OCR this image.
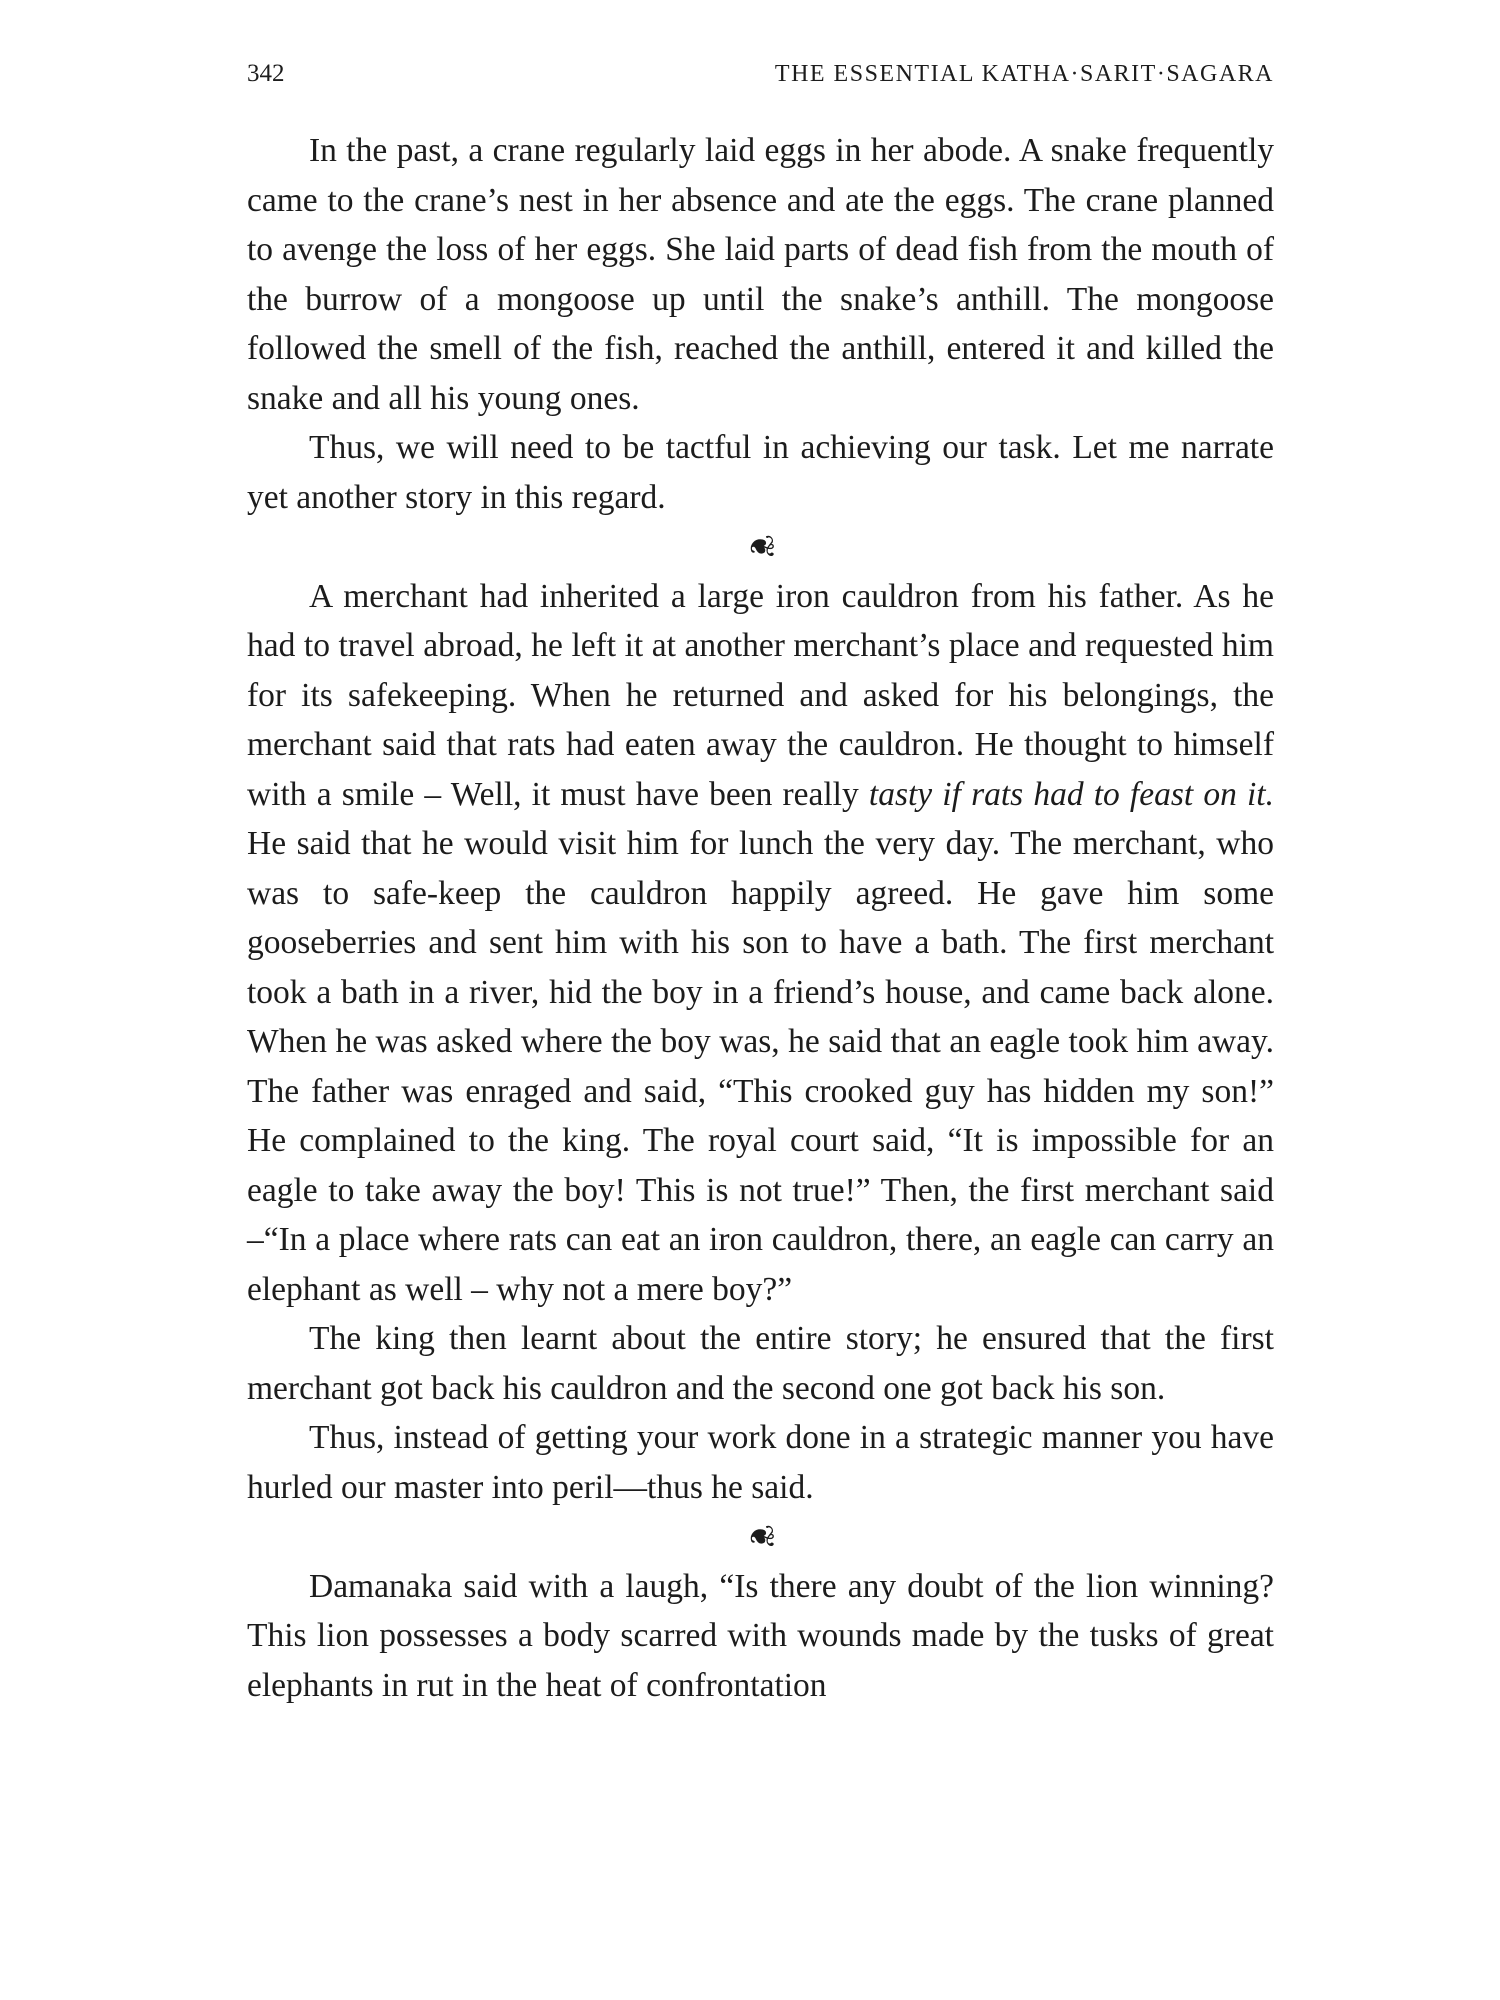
342	THE ESSENTIAL KATHA·SARIT·SAGARA

In the past, a crane regularly laid eggs in her abode. A snake frequently came to the crane’s nest in her absence and ate the eggs. The crane planned to avenge the loss of her eggs. She laid parts of dead fish from the mouth of the burrow of a mongoose up until the snake’s anthill. The mongoose followed the smell of the fish, reached the anthill, entered it and killed the snake and all his young ones.

Thus, we will need to be tactful in achieving our task. Let me narrate yet another story in this regard.

❦

A merchant had inherited a large iron cauldron from his father. As he had to travel abroad, he left it at another merchant’s place and requested him for its safekeeping. When he returned and asked for his belongings, the merchant said that rats had eaten away the cauldron. He thought to himself with a smile – Well, it must have been really tasty if rats had to feast on it. He said that he would visit him for lunch the very day. The merchant, who was to safe-keep the cauldron happily agreed. He gave him some gooseberries and sent him with his son to have a bath. The first merchant took a bath in a river, hid the boy in a friend’s house, and came back alone. When he was asked where the boy was, he said that an eagle took him away. The father was enraged and said, “This crooked guy has hidden my son!” He complained to the king. The royal court said, “It is impossible for an eagle to take away the boy! This is not true!” Then, the first merchant said –“In a place where rats can eat an iron cauldron, there, an eagle can carry an elephant as well – why not a mere boy?”

The king then learnt about the entire story; he ensured that the first merchant got back his cauldron and the second one got back his son.

Thus, instead of getting your work done in a strategic manner you have hurled our master into peril—thus he said.

❦

Damanaka said with a laugh, “Is there any doubt of the lion winning? This lion possesses a body scarred with wounds made by the tusks of great elephants in rut in the heat of confrontation
